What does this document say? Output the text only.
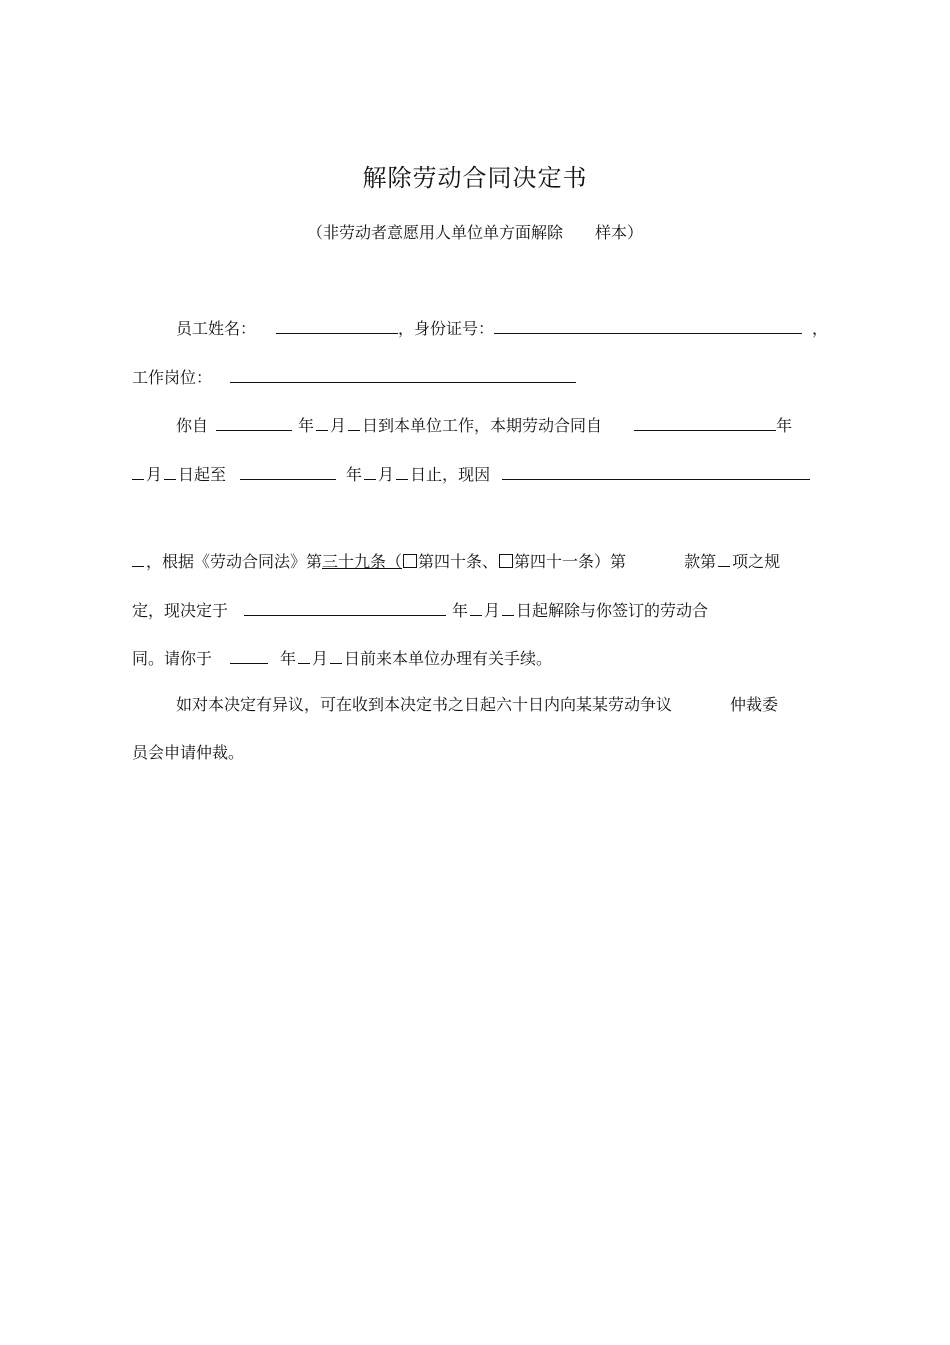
解除劳动合同决定书
（非劳动者意愿用人单位单方面解除　　样本）
员工姓名：	，身份证号：	，
工作岗位：
你自	年 月 日到本单位工作，本期劳动合同自	年
月 日起至	年 月 日止，现因
，根据《劳动合同法》第三十九条（ 第四十条、 第四十一条）第	款第 项之规
定，现决定于	年 月 日起解除与你签订的劳动合
同。请你于	年 月 日前来本单位办理有关手续。
如对本决定有异议，可在收到本决定书之日起六十日内向某某劳动争议	仲裁委
员会申请仲裁。
